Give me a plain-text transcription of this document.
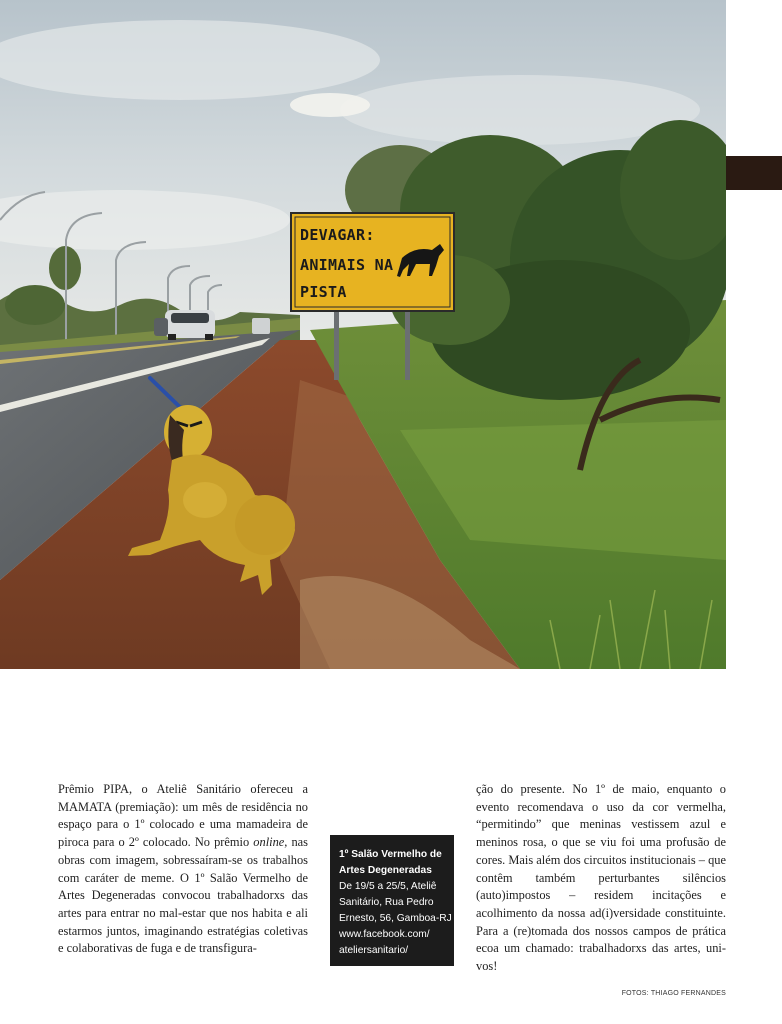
DEVAGAR:
ANIMAIS NA
PISTA

Prêmio PIPA, o Ateliê Sanitário ofereceu a MAMATA (premiação): um mês de residência no espaço para o 1º colocado e uma mamadeira de piroca para o 2º colocado. No prêmio online, nas obras com imagem, sobressaíram-se os trabalhos com caráter de meme. O 1º Salão Vermelho de Artes Degeneradas convocou trabalhadorxs das artes para entrar no mal-estar que nos habita e ali estarmos juntos, imaginando estratégias coletivas e colaborativas de fuga e de transfigura-

1º Salão Vermelho de Artes Degeneradas
De 19/5 a 25/5, Ateliê
Sanitário, Rua Pedro
Ernesto, 56, Gamboa-RJ
www.facebook.com/
ateliersanitario/

ção do presente. No 1º de maio, enquanto o evento recomendava o uso da cor vermelha, “permitindo” que meninas vestissem azul e meninos rosa, o que se viu foi uma profusão de cores. Mais além dos circuitos institucionais – que contêm também perturbantes silêncios (auto)impostos – residem incitações e acolhimento da nossa ad(i)versidade constituinte. Para a (re)tomada dos nossos campos de prática ecoa um chamado: trabalhadorxs das artes, uni-vos!

FOTOS: THIAGO FERNANDES
